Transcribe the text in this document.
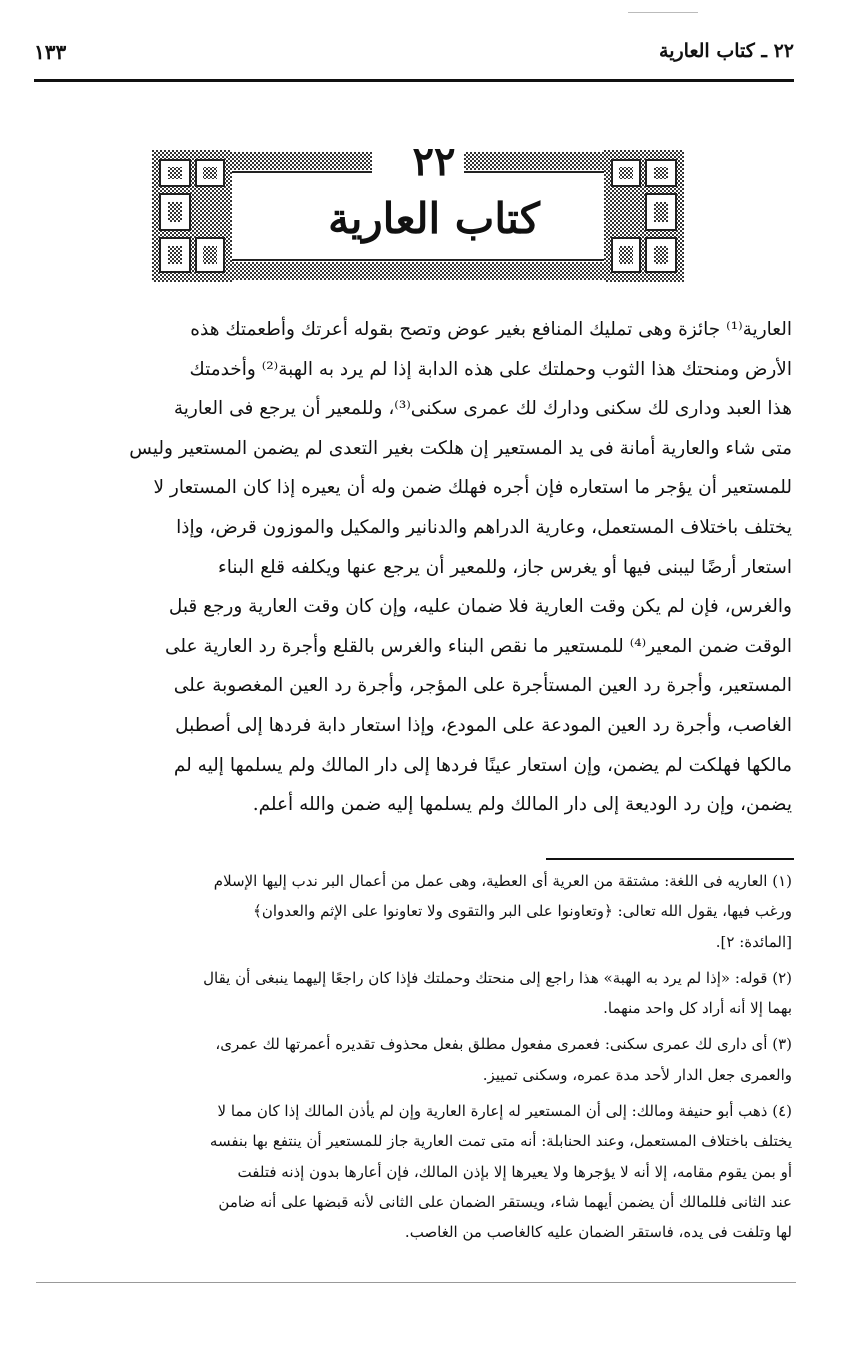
٢٢ ـ كتاب العارية
١٣٣
٢٢
كتاب العارية
العارية⁽¹⁾ جائزة وهى تمليك المنافع بغير عوض وتصح بقوله أعرتك وأطعمتك هذه
الأرض ومنحتك هذا الثوب وحملتك على هذه الدابة إذا لم يرد به الهبة⁽²⁾ وأخدمتك
هذا العبد ودارى لك سكنى ودارك لك عمرى سكنى⁽³⁾، وللمعير أن يرجع فى العارية
متى شاء والعارية أمانة فى يد المستعير إن هلكت بغير التعدى لم يضمن المستعير وليس
للمستعير أن يؤجر ما استعاره فإن أجره فهلك ضمن وله أن يعيره إذا كان المستعار لا
يختلف باختلاف المستعمل، وعارية الدراهم والدنانير والمكيل والموزون قرض، وإذا
استعار أرضًا ليبنى فيها أو يغرس جاز، وللمعير أن يرجع عنها ويكلفه قلع البناء
والغرس، فإن لم يكن وقت العارية فلا ضمان عليه، وإن كان وقت العارية ورجع قبل
الوقت ضمن المعير⁽⁴⁾ للمستعير ما نقص البناء والغرس بالقلع وأجرة رد العارية على
المستعير، وأجرة رد العين المستأجرة على المؤجر، وأجرة رد العين المغصوبة على
الغاصب، وأجرة رد العين المودعة على المودع، وإذا استعار دابة فردها إلى أصطبل
مالكها فهلكت لم يضمن، وإن استعار عينًا فردها إلى دار المالك ولم يسلمها إليه لم
يضمن، وإن رد الوديعة إلى دار المالك ولم يسلمها إليه ضمن والله أعلم.
(١) العاريه فى اللغة: مشتقة من العرية أى العطية، وهى عمل من أعمال البر ندب إليها الإسلام
ورغب فيها، يقول الله تعالى: ﴿وتعاونوا على البر والتقوى ولا تعاونوا على الإثم والعدوان﴾
[المائدة: ٢].
(٢) قوله: «إذا لم يرد به الهبة» هذا راجع إلى منحتك وحملتك فإذا كان راجعًا إليهما ينبغى أن يقال
بهما إلا أنه أراد كل واحد منهما.
(٣) أى دارى لك عمرى سكنى: فعمرى مفعول مطلق بفعل محذوف تقديره أعمرتها لك عمرى،
والعمرى جعل الدار لأحد مدة عمره، وسكنى تمييز.
(٤) ذهب أبو حنيفة ومالك: إلى أن المستعير له إعارة العارية وإن لم يأذن المالك إذا كان مما لا
يختلف باختلاف المستعمل، وعند الحنابلة: أنه متى تمت العارية جاز للمستعير أن ينتفع بها بنفسه
أو بمن يقوم مقامه، إلا أنه لا يؤجرها ولا يعيرها إلا بإذن المالك، فإن أعارها بدون إذنه فتلفت
عند الثانى فللمالك أن يضمن أيهما شاء، ويستقر الضمان على الثانى لأنه قبضها على أنه ضامن
لها وتلفت فى يده، فاستقر الضمان عليه كالغاصب من الغاصب.
